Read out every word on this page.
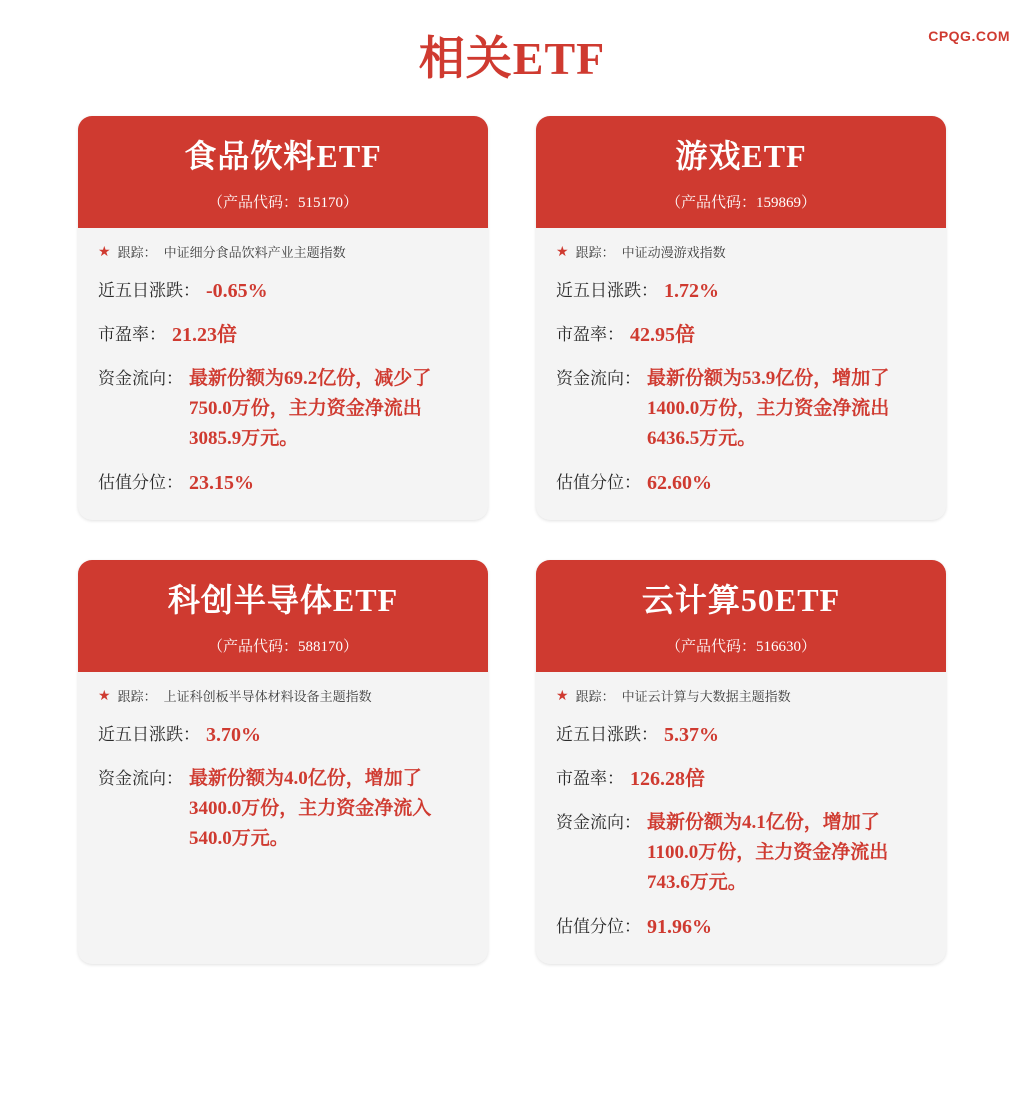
CPQG.COM
相关ETF
食品饮料ETF
（产品代码：515170）
★ 跟踪： 中证细分食品饮料产业主题指数
近五日涨跌： -0.65%
市盈率： 21.23倍
资金流向： 最新份额为69.2亿份，减少了750.0万份，主力资金净流出3085.9万元。
估值分位： 23.15%
游戏ETF
（产品代码：159869）
★ 跟踪： 中证动漫游戏指数
近五日涨跌： 1.72%
市盈率： 42.95倍
资金流向： 最新份额为53.9亿份，增加了1400.0万份，主力资金净流出6436.5万元。
估值分位： 62.60%
科创半导体ETF
（产品代码：588170）
★ 跟踪： 上证科创板半导体材料设备主题指数
近五日涨跌： 3.70%
资金流向： 最新份额为4.0亿份，增加了3400.0万份，主力资金净流入540.0万元。
云计算50ETF
（产品代码：516630）
★ 跟踪： 中证云计算与大数据主题指数
近五日涨跌： 5.37%
市盈率： 126.28倍
资金流向： 最新份额为4.1亿份，增加了1100.0万份，主力资金净流出743.6万元。
估值分位： 91.96%
